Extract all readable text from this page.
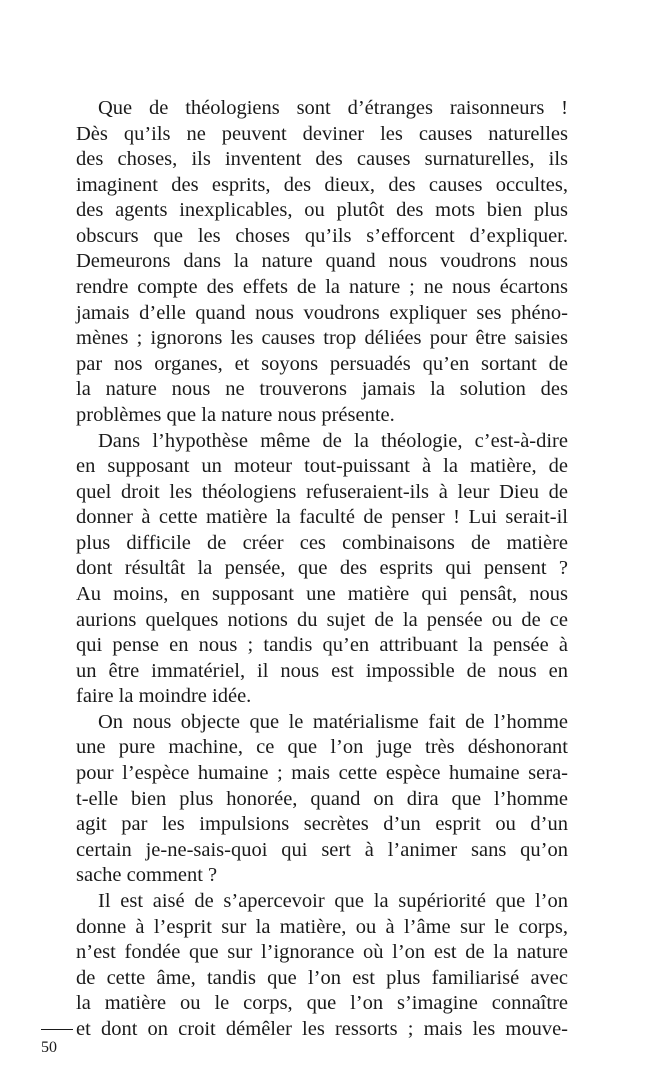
Que de théologiens sont d’étranges raisonneurs !
Dès qu’ils ne peuvent deviner les causes naturelles
des choses, ils inventent des causes surnaturelles, ils
imaginent des esprits, des dieux, des causes occultes,
des agents inexplicables, ou plutôt des mots bien plus
obscurs que les choses qu’ils s’efforcent d’expliquer.
Demeurons dans la nature quand nous voudrons nous
rendre compte des effets de la nature ; ne nous écartons
jamais d’elle quand nous voudrons expliquer ses phéno-
mènes ; ignorons les causes trop déliées pour être saisies
par nos organes, et soyons persuadés qu’en sortant de
la nature nous ne trouverons jamais la solution des
problèmes que la nature nous présente.
Dans l’hypothèse même de la théologie, c’est-à-dire
en supposant un moteur tout-puissant à la matière, de
quel droit les théologiens refuseraient-ils à leur Dieu de
donner à cette matière la faculté de penser ! Lui serait-il
plus difficile de créer ces combinaisons de matière
dont résultât la pensée, que des esprits qui pensent ?
Au moins, en supposant une matière qui pensât, nous
aurions quelques notions du sujet de la pensée ou de ce
qui pense en nous ; tandis qu’en attribuant la pensée à
un être immatériel, il nous est impossible de nous en
faire la moindre idée.
On nous objecte que le matérialisme fait de l’homme
une pure machine, ce que l’on juge très déshonorant
pour l’espèce humaine ; mais cette espèce humaine sera-
t-elle bien plus honorée, quand on dira que l’homme
agit par les impulsions secrètes d’un esprit ou d’un
certain je-ne-sais-quoi qui sert à l’animer sans qu’on
sache comment ?
Il est aisé de s’apercevoir que la supériorité que l’on
donne à l’esprit sur la matière, ou à l’âme sur le corps,
n’est fondée que sur l’ignorance où l’on est de la nature
de cette âme, tandis que l’on est plus familiarisé avec
la matière ou le corps, que l’on s’imagine connaître
et dont on croit démêler les ressorts ; mais les mouve-
50
